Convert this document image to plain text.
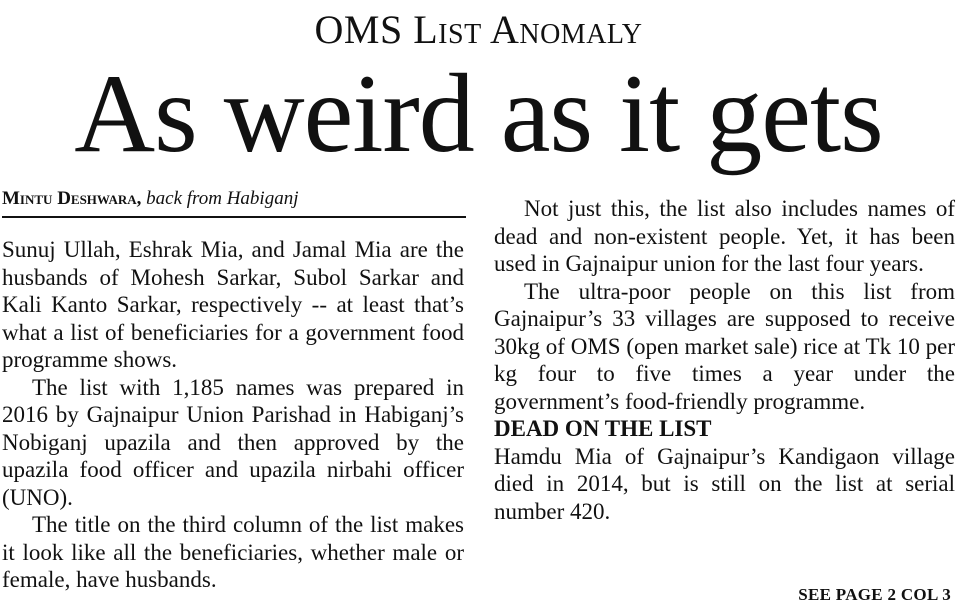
OMS List Anomaly
As weird as it gets
Mintu Deshwara, back from Habiganj

Sunuj Ullah, Eshrak Mia, and Jamal Mia are the husbands of Mohesh Sarkar, Subol Sarkar and Kali Kanto Sarkar, respectively -- at least that’s what a list of beneficiaries for a government food programme shows.

The list with 1,185 names was prepared in 2016 by Gajnaipur Union Parishad in Habiganj’s Nobiganj upazila and then approved by the upazila food officer and upazila nirbahi officer (UNO).

The title on the third column of the list makes it look like all the beneficiaries, whether male or female, have husbands.

Not just this, the list also includes names of dead and non-existent people. Yet, it has been used in Gajnaipur union for the last four years.

The ultra-poor people on this list from Gajnaipur’s 33 villages are supposed to receive 30kg of OMS (open market sale) rice at Tk 10 per kg four to five times a year under the government’s food-friendly programme.

DEAD ON THE LIST

Hamdu Mia of Gajnaipur’s Kandigaon village died in 2014, but is still on the list at serial number 420.

SEE PAGE 2 COL 3
